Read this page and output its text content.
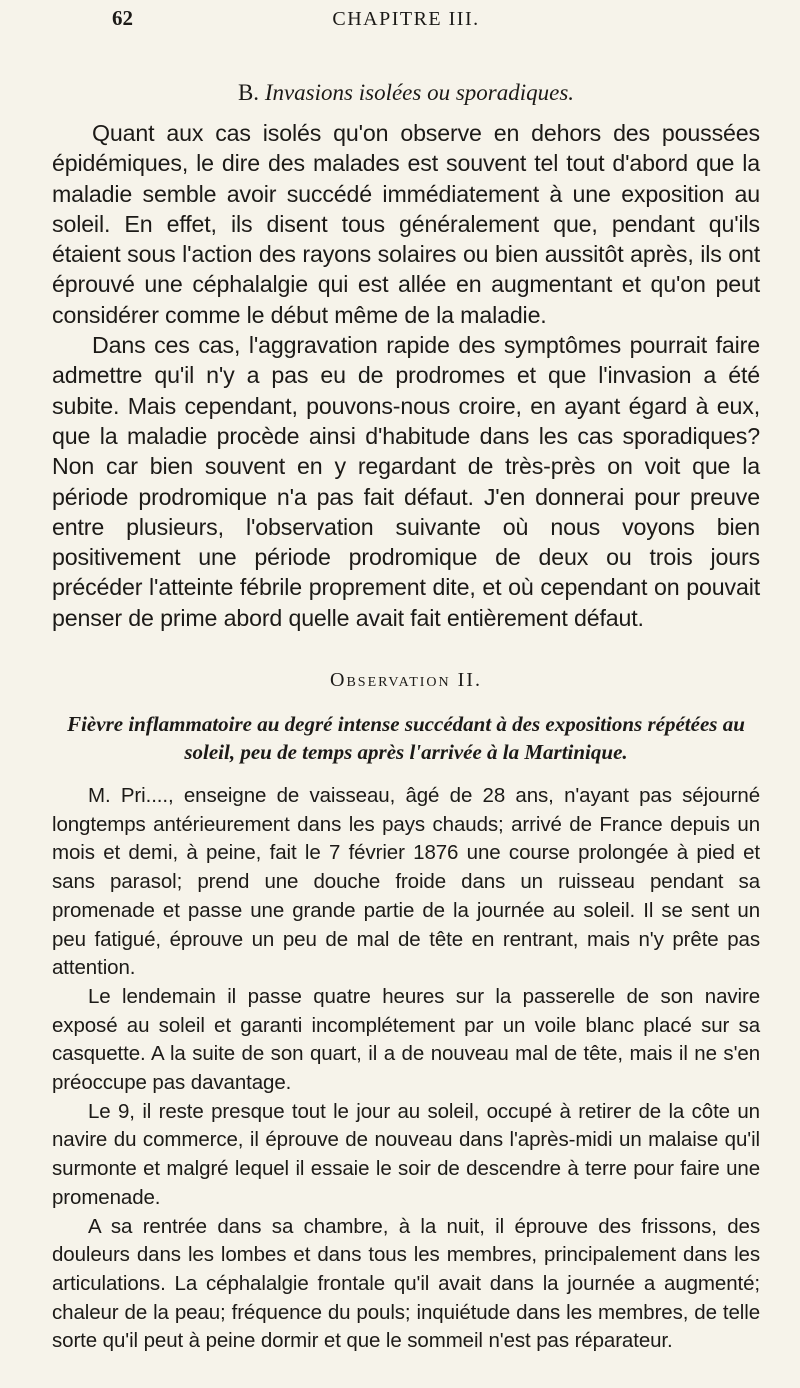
62	CHAPITRE III.
B. Invasions isolées ou sporadiques.

Quant aux cas isolés qu'on observe en dehors des poussées épidémiques, le dire des malades est souvent tel tout d'abord que la maladie semble avoir succédé immédiatement à une exposition au soleil. En effet, ils disent tous généralement que, pendant qu'ils étaient sous l'action des rayons solaires ou bien aussitôt après, ils ont éprouvé une céphalalgie qui est allée en augmentant et qu'on peut considérer comme le début même de la maladie.

Dans ces cas, l'aggravation rapide des symptômes pourrait faire admettre qu'il n'y a pas eu de prodromes et que l'invasion a été subite. Mais cependant, pouvons-nous croire, en ayant égard à eux, que la maladie procède ainsi d'habitude dans les cas sporadiques? Non car bien souvent en y regardant de très-près on voit que la période prodromique n'a pas fait défaut. J'en donnerai pour preuve entre plusieurs, l'observation suivante où nous voyons bien positivement une période prodromique de deux ou trois jours précéder l'atteinte fébrile proprement dite, et où cependant on pouvait penser de prime abord quelle avait fait entièrement défaut.

Observation II.
Fièvre inflammatoire au degré intense succédant à des expositions répétées au soleil, peu de temps après l'arrivée à la Martinique.

M. Pri...., enseigne de vaisseau, âgé de 28 ans, n'ayant pas séjourné longtemps antérieurement dans les pays chauds; arrivé de France depuis un mois et demi, à peine, fait le 7 février 1876 une course prolongée à pied et sans parasol; prend une douche froide dans un ruisseau pendant sa promenade et passe une grande partie de la journée au soleil. Il se sent un peu fatigué, éprouve un peu de mal de tête en rentrant, mais n'y prête pas attention.

Le lendemain il passe quatre heures sur la passerelle de son navire exposé au soleil et garanti incomplétement par un voile blanc placé sur sa casquette. A la suite de son quart, il a de nouveau mal de tête, mais il ne s'en préoccupe pas davantage.

Le 9, il reste presque tout le jour au soleil, occupé à retirer de la côte un navire du commerce, il éprouve de nouveau dans l'après-midi un malaise qu'il surmonte et malgré lequel il essaie le soir de descendre à terre pour faire une promenade.

A sa rentrée dans sa chambre, à la nuit, il éprouve des frissons, des douleurs dans les lombes et dans tous les membres, principalement dans les articulations. La céphalalgie frontale qu'il avait dans la journée a augmenté; chaleur de la peau; fréquence du pouls; inquiétude dans les membres, de telle sorte qu'il peut à peine dormir et que le sommeil n'est pas réparateur.
